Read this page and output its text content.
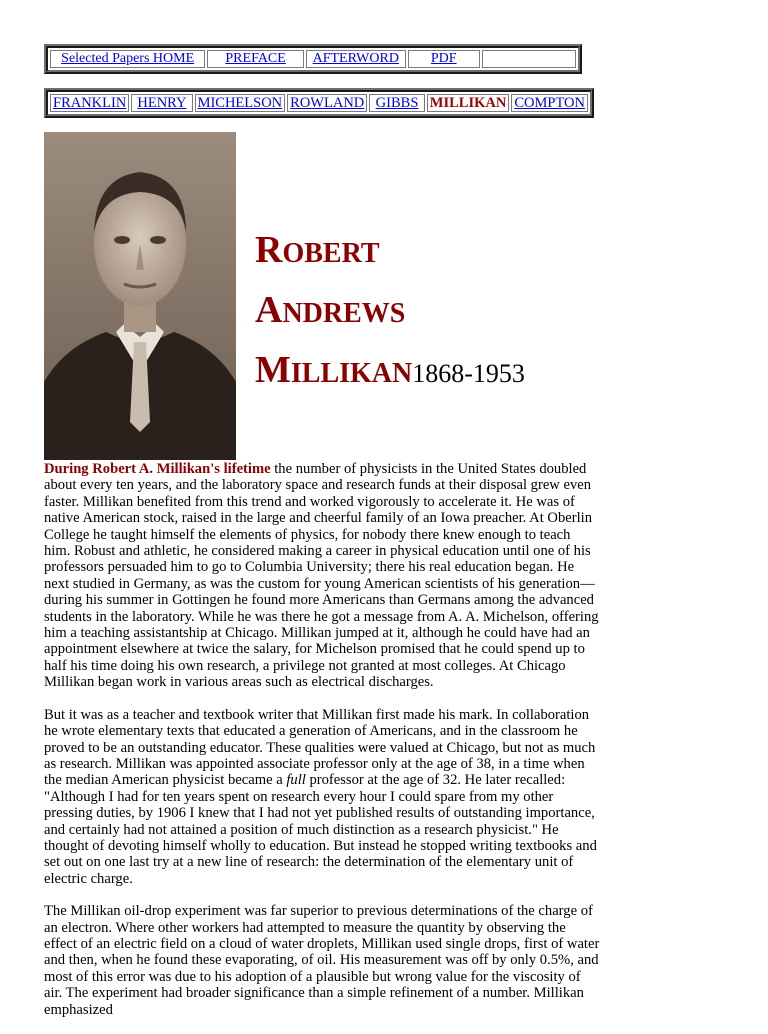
Selected Papers HOME	PREFACE	AFTERWORD	PDF	
FRANKLIN	HENRY	MICHELSON	ROWLAND	GIBBS	MILLIKAN	COMPTON
ROBERT
ANDREWS
MILLIKAN1868-1953

During Robert A. Millikan's lifetime the number of physicists in the United States doubled about every ten years, and the laboratory space and research funds at their disposal grew even faster. Millikan benefited from this trend and worked vigorously to accelerate it. He was of native American stock, raised in the large and cheerful family of an Iowa preacher. At Oberlin College he taught himself the elements of physics, for nobody there knew enough to teach him. Robust and athletic, he considered making a career in physical education until one of his professors persuaded him to go to Columbia University; there his real education began. He next studied in Germany, as was the custom for young American scientists of his generation—during his summer in Gottingen he found more Americans than Germans among the advanced students in the laboratory. While he was there he got a message from A. A. Michelson, offering him a teaching assistantship at Chicago. Millikan jumped at it, although he could have had an appointment elsewhere at twice the salary, for Michelson promised that he could spend up to half his time doing his own research, a privilege not granted at most colleges. At Chicago Millikan began work in various areas such as electrical discharges.

But it was as a teacher and textbook writer that Millikan first made his mark. In collaboration he wrote elementary texts that educated a generation of Americans, and in the classroom he proved to be an outstanding educator. These qualities were valued at Chicago, but not as much as research. Millikan was appointed associate professor only at the age of 38, in a time when the median American physicist became a full professor at the age of 32. He later recalled: "Although I had for ten years spent on research every hour I could spare from my other pressing duties, by 1906 I knew that I had not yet published results of outstanding importance, and certainly had not attained a position of much distinction as a research physicist." He thought of devoting himself wholly to education. But instead he stopped writing textbooks and set out on one last try at a new line of research: the determination of the elementary unit of electric charge.

The Millikan oil-drop experiment was far superior to previous determinations of the charge of an electron. Where other workers had attempted to measure the quantity by observing the effect of an electric field on a cloud of water droplets, Millikan used single drops, first of water and then, when he found these evaporating, of oil. His measurement was off by only 0.5%, and most of this error was due to his adoption of a plausible but wrong value for the viscosity of air. The experiment had broader significance than a simple refinement of a number. Millikan emphasized
